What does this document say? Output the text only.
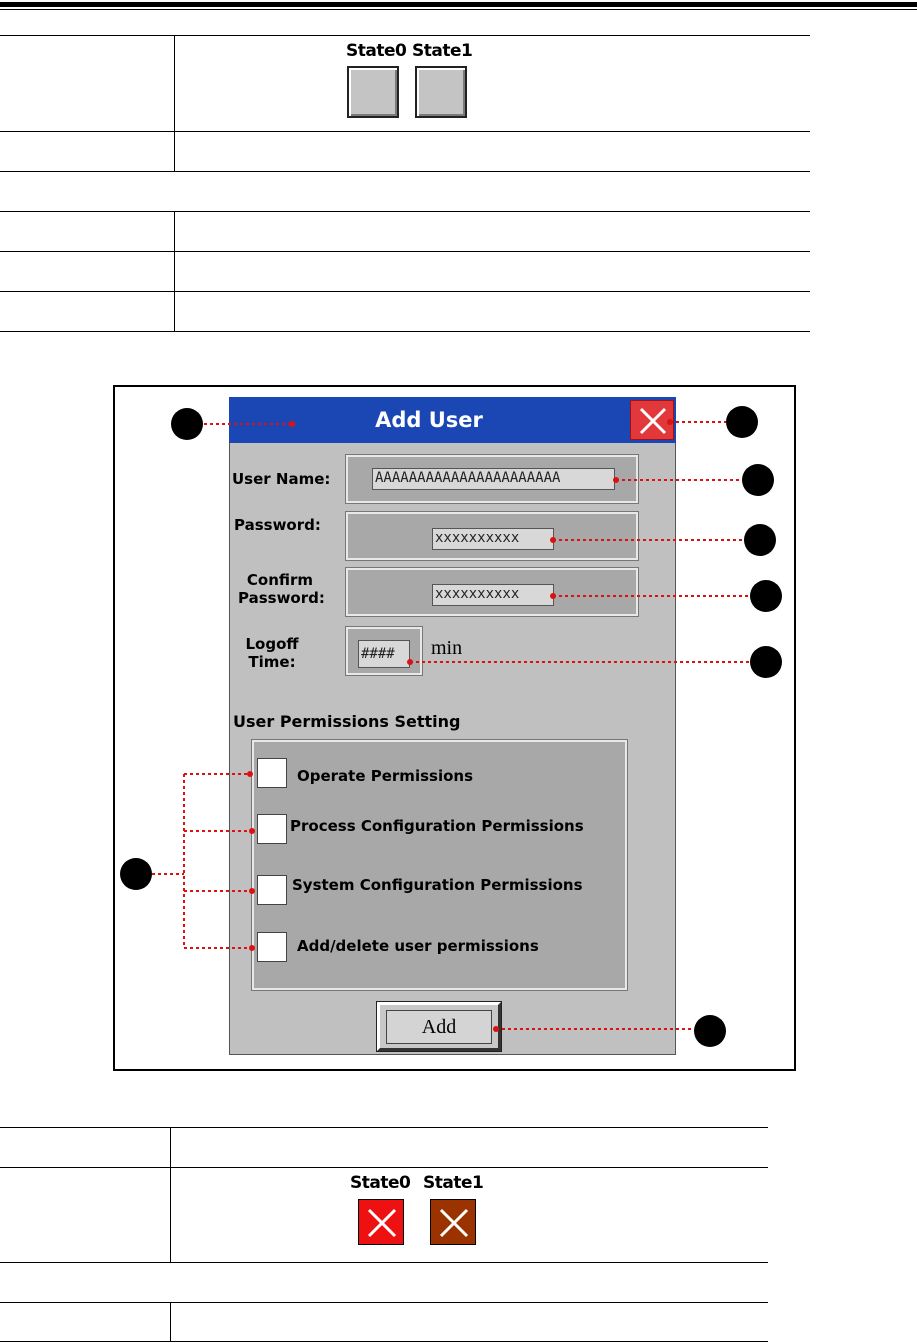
State0 State1
Add User
User Name:	AAAAAAAAAAAAAAAAAAAAAA
Password:
xxxxxxxxxx
Confirm
Password:	xxxxxxxxxx
Logoff
Time:	####	min
User Permissions Setting
Operate Permissions
Process Configuration Permissions
System Configuration Permissions
Add/delete user permissions
Add
State0 State1
